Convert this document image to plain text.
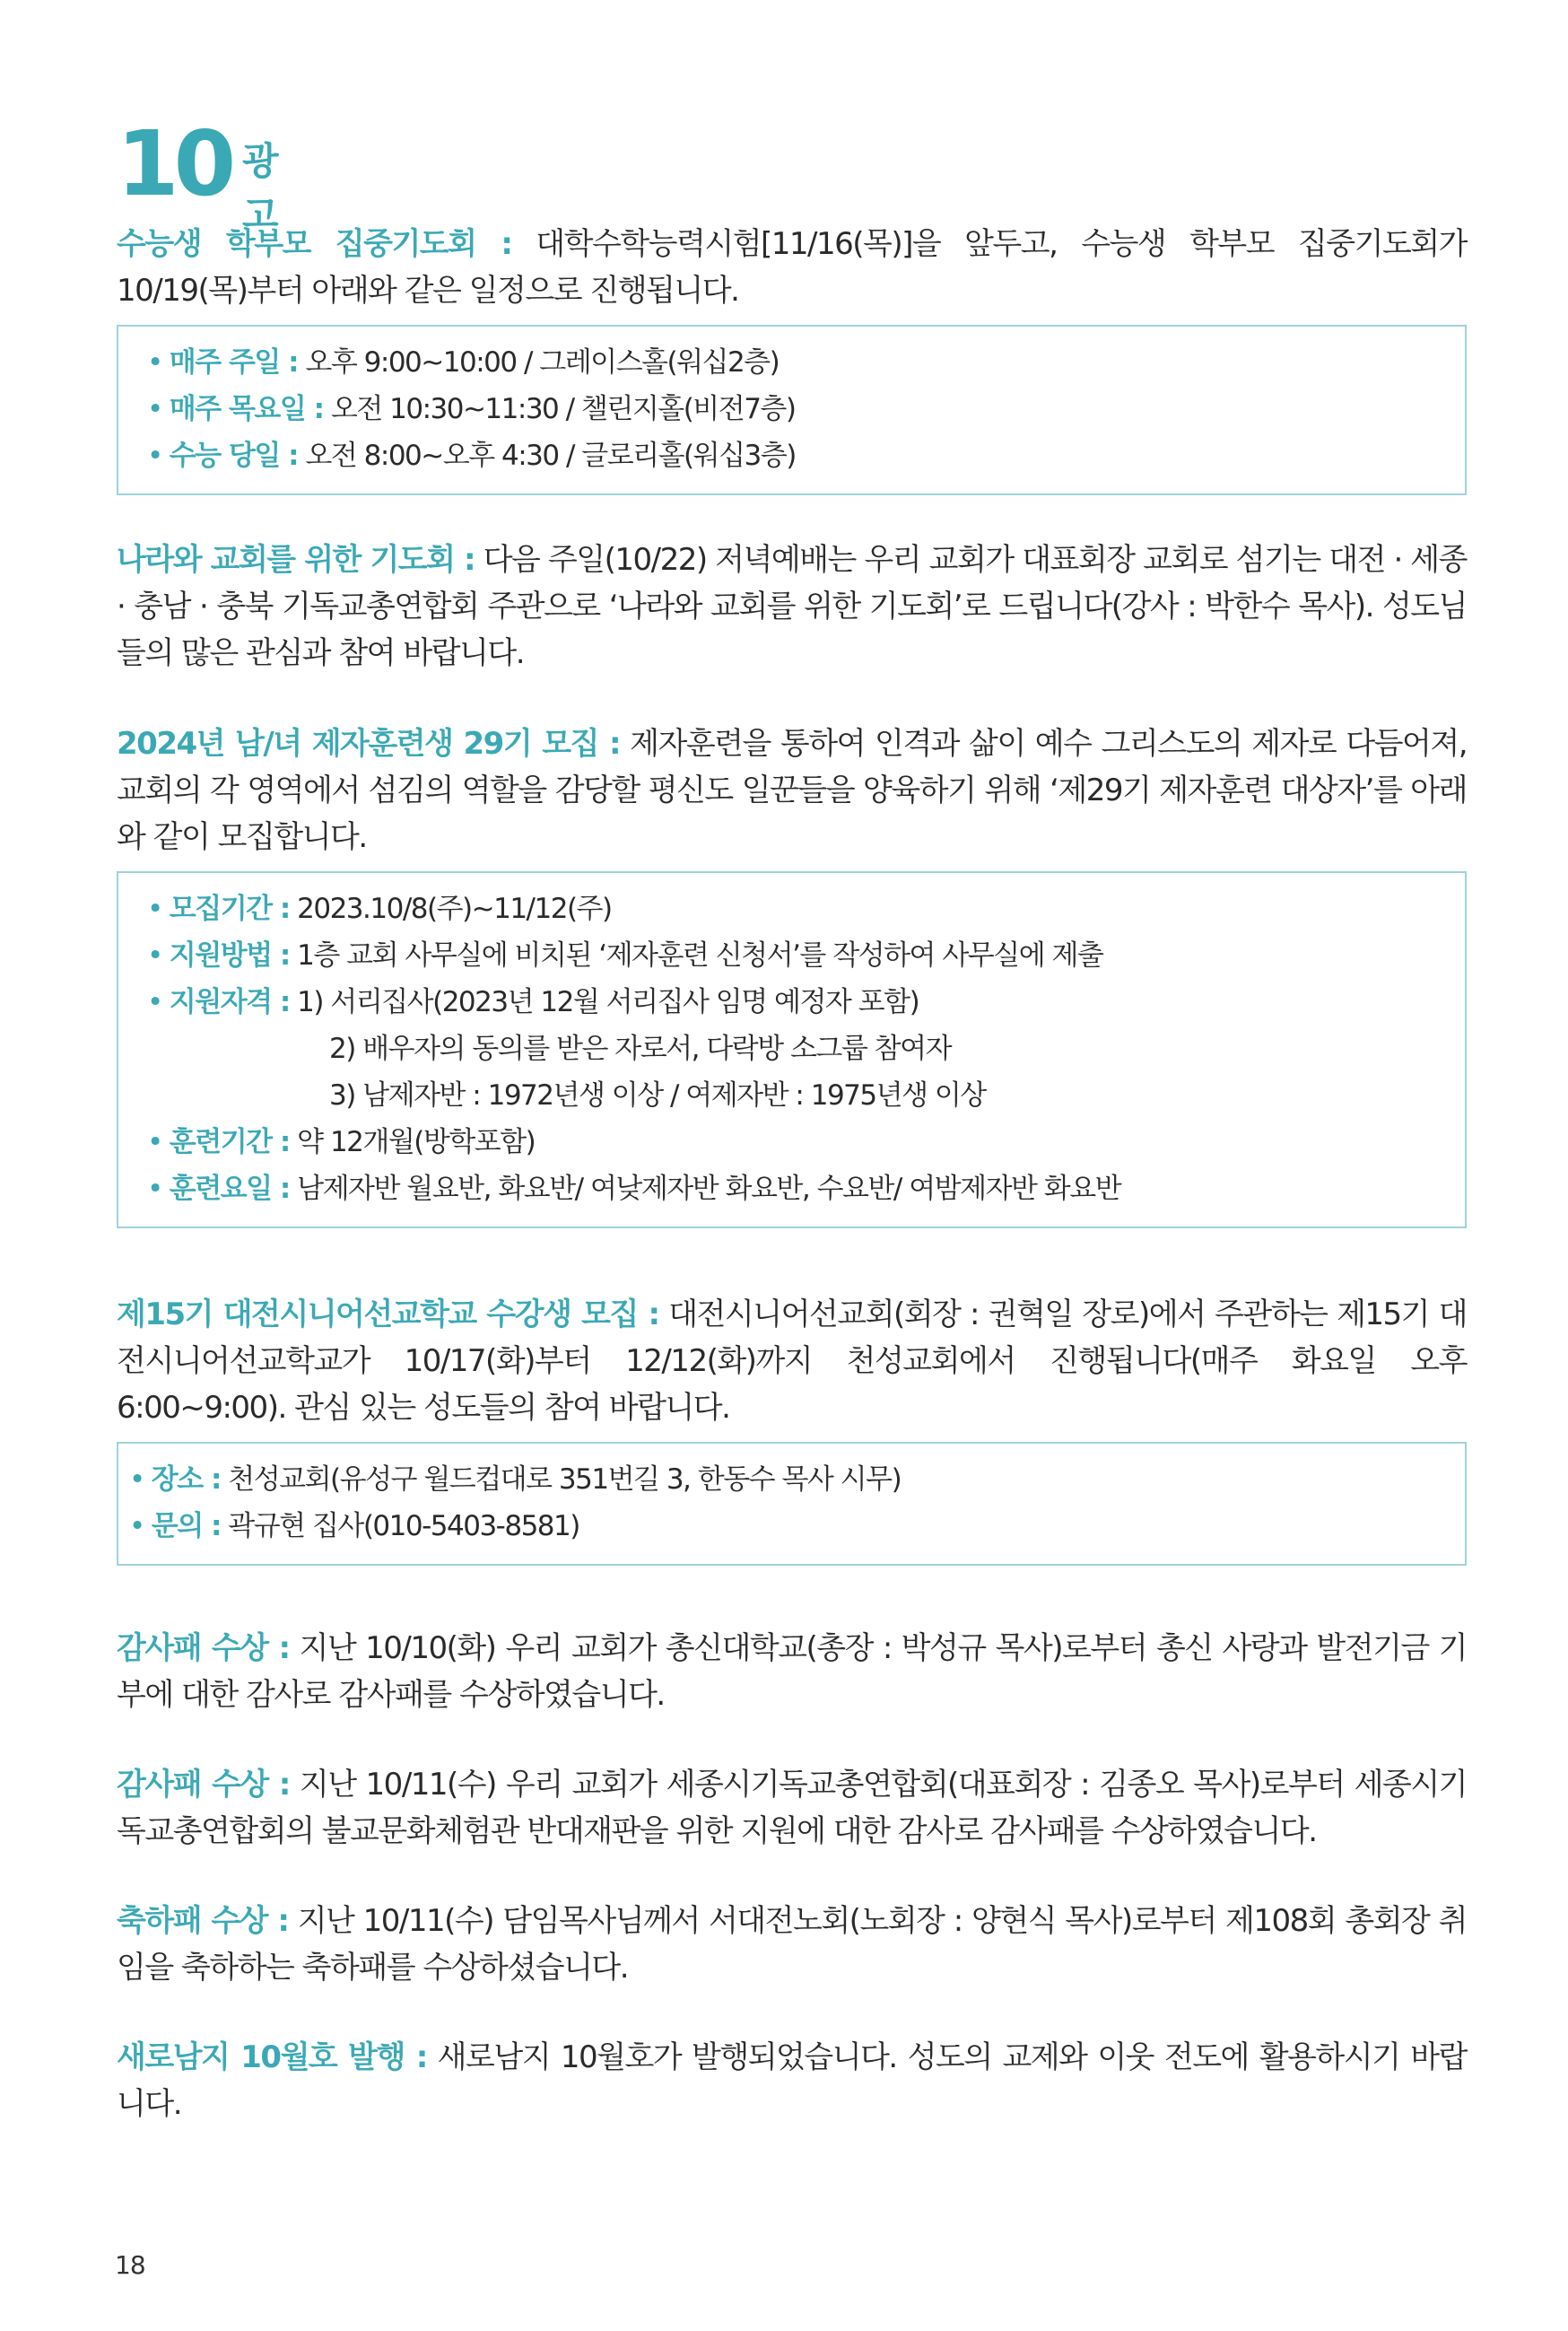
10 광고

수능생 학부모 집중기도회 : 대학수학능력시험[11/16(목)]을 앞두고, 수능생 학부모 집중기도회가 10/19(목)부터 아래와 같은 일정으로 진행됩니다.

• 매주 주일 : 오후 9:00∼10:00 / 그레이스홀(워십2층)
• 매주 목요일 : 오전 10:30∼11:30 / 챌린지홀(비전7층)
• 수능 당일 : 오전 8:00∼오후 4:30 / 글로리홀(워십3층)

나라와 교회를 위한 기도회 : 다음 주일(10/22) 저녁예배는 우리 교회가 대표회장 교회로 섬기는 대전 · 세종 · 충남 · 충북 기독교총연합회 주관으로 ‘나라와 교회를 위한 기도회’로 드립니다(강사 : 박한수 목사). 성도님들의 많은 관심과 참여 바랍니다.

2024년 남/녀 제자훈련생 29기 모집 : 제자훈련을 통하여 인격과 삶이 예수 그리스도의 제자로 다듬어져, 교회의 각 영역에서 섬김의 역할을 감당할 평신도 일꾼들을 양육하기 위해 ‘제29기 제자훈련 대상자’를 아래와 같이 모집합니다.

• 모집기간 : 2023.10/8(주)∼11/12(주)
• 지원방법 : 1층 교회 사무실에 비치된 ‘제자훈련 신청서’를 작성하여 사무실에 제출
• 지원자격 : 1) 서리집사(2023년 12월 서리집사 임명 예정자 포함)
2) 배우자의 동의를 받은 자로서, 다락방 소그룹 참여자
3) 남제자반 : 1972년생 이상 / 여제자반 : 1975년생 이상
• 훈련기간 : 약 12개월(방학포함)
• 훈련요일 : 남제자반 월요반, 화요반/ 여낮제자반 화요반, 수요반/ 여밤제자반 화요반

제15기 대전시니어선교학교 수강생 모집 : 대전시니어선교회(회장 : 권혁일 장로)에서 주관하는 제15기 대전시니어선교학교가 10/17(화)부터 12/12(화)까지 천성교회에서 진행됩니다(매주 화요일 오후 6:00~9:00). 관심 있는 성도들의 참여 바랍니다.

• 장소 : 천성교회(유성구 월드컵대로 351번길 3, 한동수 목사 시무)
• 문의 : 곽규현 집사(010-5403-8581)

감사패 수상 : 지난 10/10(화) 우리 교회가 총신대학교(총장 : 박성규 목사)로부터 총신 사랑과 발전기금 기부에 대한 감사로 감사패를 수상하였습니다.

감사패 수상 : 지난 10/11(수) 우리 교회가 세종시기독교총연합회(대표회장 : 김종오 목사)로부터 세종시기독교총연합회의 불교문화체험관 반대재판을 위한 지원에 대한 감사로 감사패를 수상하였습니다.

축하패 수상 : 지난 10/11(수) 담임목사님께서 서대전노회(노회장 : 양현식 목사)로부터 제108회 총회장 취임을 축하하는 축하패를 수상하셨습니다.

새로남지 10월호 발행 : 새로남지 10월호가 발행되었습니다. 성도의 교제와 이웃 전도에 활용하시기 바랍니다.

18
